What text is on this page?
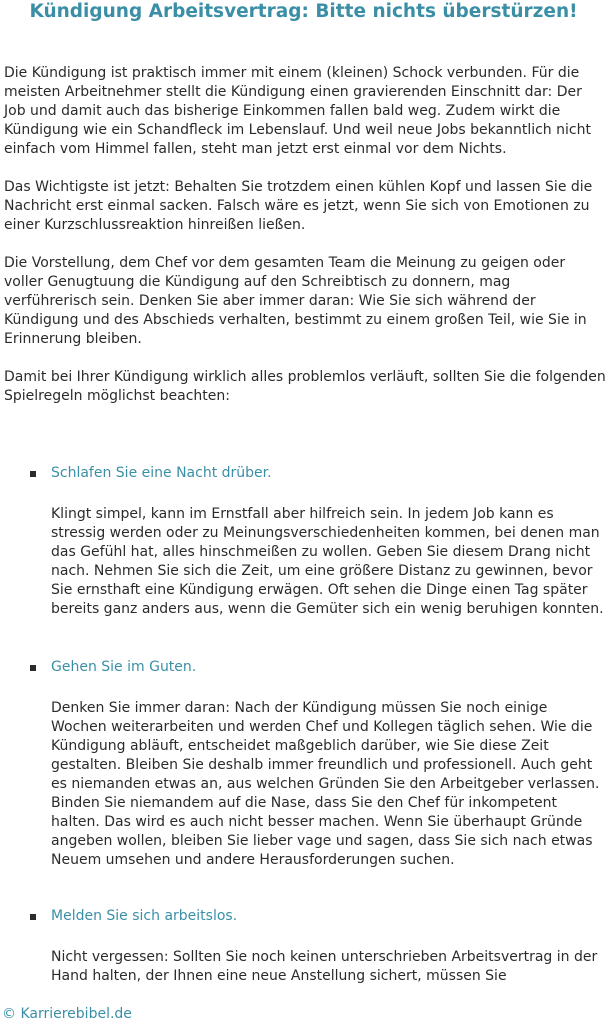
Kündigung Arbeitsvertrag: Bitte nichts überstürzen!

Die Kündigung ist praktisch immer mit einem (kleinen) Schock verbunden. Für die meisten Arbeitnehmer stellt die Kündigung einen gravierenden Einschnitt dar: Der Job und damit auch das bisherige Einkommen fallen bald weg. Zudem wirkt die Kündigung wie ein Schandfleck im Lebenslauf. Und weil neue Jobs bekanntlich nicht einfach vom Himmel fallen, steht man jetzt erst einmal vor dem Nichts.

Das Wichtigste ist jetzt: Behalten Sie trotzdem einen kühlen Kopf und lassen Sie die Nachricht erst einmal sacken. Falsch wäre es jetzt, wenn Sie sich von Emotionen zu einer Kurzschlussreaktion hinreißen ließen.

Die Vorstellung, dem Chef vor dem gesamten Team die Meinung zu geigen oder voller Genugtuung die Kündigung auf den Schreibtisch zu donnern, mag verführerisch sein. Denken Sie aber immer daran: Wie Sie sich während der Kündigung und des Abschieds verhalten, bestimmt zu einem großen Teil, wie Sie in Erinnerung bleiben.

Damit bei Ihrer Kündigung wirklich alles problemlos verläuft, sollten Sie die folgenden Spielregeln möglichst beachten:

Schlafen Sie eine Nacht drüber.

Klingt simpel, kann im Ernstfall aber hilfreich sein. In jedem Job kann es stressig werden oder zu Meinungsverschiedenheiten kommen, bei denen man das Gefühl hat, alles hinschmeißen zu wollen. Geben Sie diesem Drang nicht nach. Nehmen Sie sich die Zeit, um eine größere Distanz zu gewinnen, bevor Sie ernsthaft eine Kündigung erwägen. Oft sehen die Dinge einen Tag später bereits ganz anders aus, wenn die Gemüter sich ein wenig beruhigen konnten.

Gehen Sie im Guten.

Denken Sie immer daran: Nach der Kündigung müssen Sie noch einige Wochen weiterarbeiten und werden Chef und Kollegen täglich sehen. Wie die Kündigung abläuft, entscheidet maßgeblich darüber, wie Sie diese Zeit gestalten. Bleiben Sie deshalb immer freundlich und professionell. Auch geht es niemanden etwas an, aus welchen Gründen Sie den Arbeitgeber verlassen. Binden Sie niemandem auf die Nase, dass Sie den Chef für inkompetent halten. Das wird es auch nicht besser machen. Wenn Sie überhaupt Gründe angeben wollen, bleiben Sie lieber vage und sagen, dass Sie sich nach etwas Neuem umsehen und andere Herausforderungen suchen.

Melden Sie sich arbeitslos.

Nicht vergessen: Sollten Sie noch keinen unterschrieben Arbeitsvertrag in der Hand halten, der Ihnen eine neue Anstellung sichert, müssen Sie

© Karrierebibel.de
